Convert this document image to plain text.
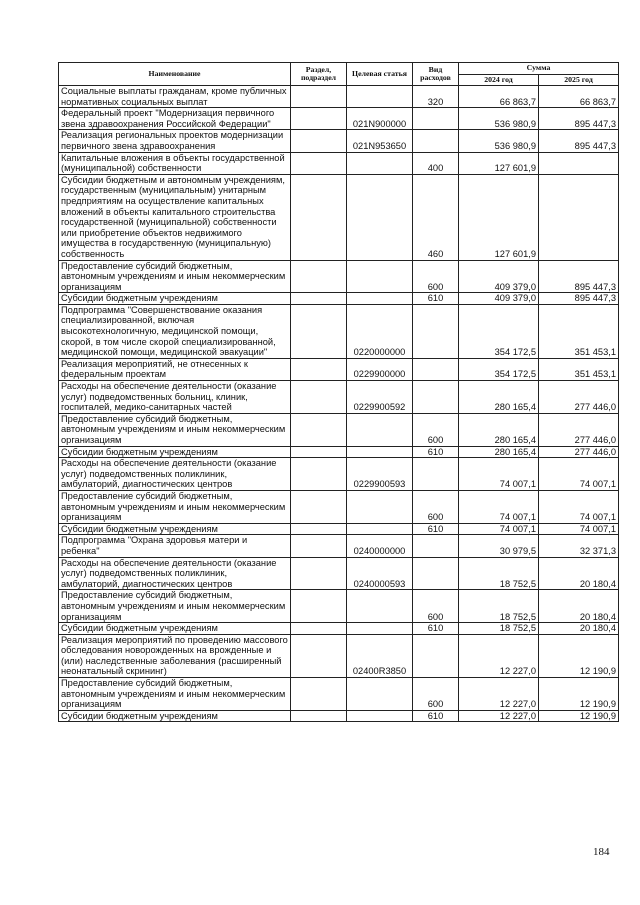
Наименование	Раздел, подраздел	Целевая статья	Вид расходов	Сумма	
				2024 год	2025 год
Социальные выплаты гражданам, кроме публичных нормативных социальных выплат			320	66 863,7	66 863,7
Федеральный проект "Модернизация первичного звена здравоохранения Российской Федерации"		021N900000		536 980,9	895 447,3
Реализация региональных проектов модернизации первичного звена здравоохранения		021N953650		536 980,9	895 447,3
Капитальные вложения в объекты государственной (муниципальной) собственности			400	127 601,9	
Субсидии бюджетным и автономным учреждениям, государственным (муниципальным) унитарным предприятиям на осуществление капитальных вложений в объекты капитального строительства государственной (муниципальной) собственности или приобретение объектов недвижимого имущества в государственную (муниципальную) собственность			460	127 601,9	
Предоставление субсидий бюджетным, автономным учреждениям и иным некоммерческим организациям			600	409 379,0	895 447,3
Субсидии бюджетным учреждениям			610	409 379,0	895 447,3
Подпрограмма "Совершенствование оказания специализированной, включая высокотехнологичную, медицинской помощи, скорой, в том числе скорой специализированной, медицинской помощи, медицинской эвакуации"		0220000000		354 172,5	351 453,1
Реализация мероприятий, не отнесенных к федеральным проектам		0229900000		354 172,5	351 453,1
Расходы на обеспечение деятельности (оказание услуг) подведомственных больниц, клиник, госпиталей, медико-санитарных частей		0229900592		280 165,4	277 446,0
Предоставление субсидий бюджетным, автономным учреждениям и иным некоммерческим организациям			600	280 165,4	277 446,0
Субсидии бюджетным учреждениям			610	280 165,4	277 446,0
Расходы на обеспечение деятельности (оказание услуг) подведомственных поликлиник, амбулаторий, диагностических центров		0229900593		74 007,1	74 007,1
Предоставление субсидий бюджетным, автономным учреждениям и иным некоммерческим организациям			600	74 007,1	74 007,1
Субсидии бюджетным учреждениям			610	74 007,1	74 007,1
Подпрограмма "Охрана здоровья матери и ребенка"		0240000000		30 979,5	32 371,3
Расходы на обеспечение деятельности (оказание услуг) подведомственных поликлиник, амбулаторий, диагностических центров		0240000593		18 752,5	20 180,4
Предоставление субсидий бюджетным, автономным учреждениям и иным некоммерческим организациям			600	18 752,5	20 180,4
Субсидии бюджетным учреждениям			610	18 752,5	20 180,4
Реализация мероприятий по проведению массового обследования новорожденных на врожденные и (или) наследственные заболевания (расширенный неонатальный скрининг)		02400R3850		12 227,0	12 190,9
Предоставление субсидий бюджетным, автономным учреждениям и иным некоммерческим организациям			600	12 227,0	12 190,9
Субсидии бюджетным учреждениям			610	12 227,0	12 190,9
184
